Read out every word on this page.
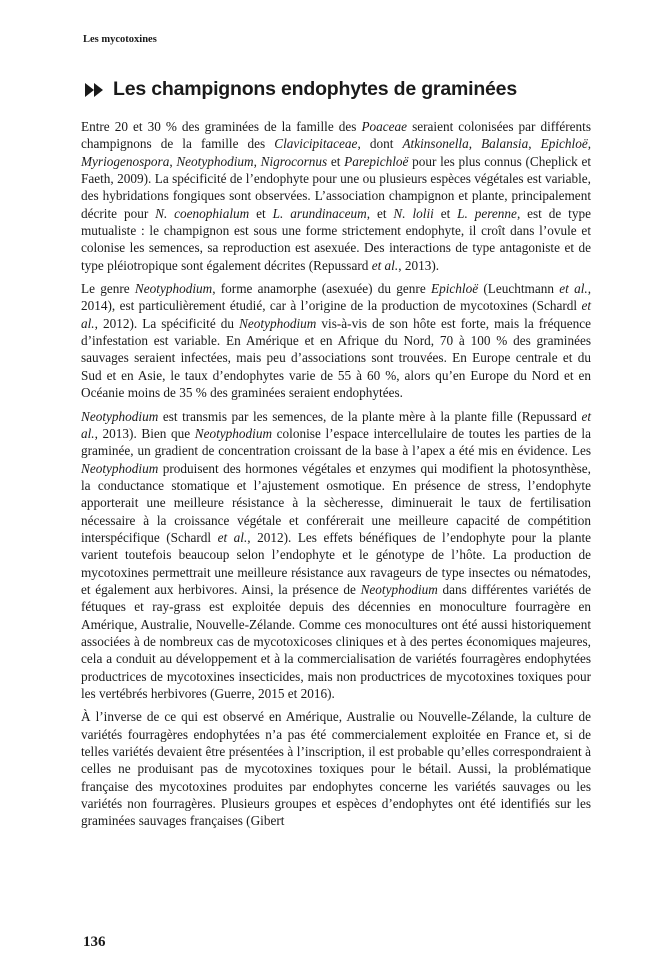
Les mycotoxines
Les champignons endophytes de graminées

Entre 20 et 30 % des graminées de la famille des Poaceae seraient colonisées par différents champignons de la famille des Clavicipitaceae, dont Atkinsonella, Balansia, Epichloë, Myriogenospora, Neotyphodium, Nigrocornus et Parepichloë pour les plus connus (Cheplick et Faeth, 2009). La spécificité de l’endophyte pour une ou plusieurs espèces végétales est variable, des hybridations fongiques sont observées. L’association champignon et plante, principalement décrite pour N. coenophialum et L. arundinaceum, et N. lolii et L. perenne, est de type mutualiste : le champignon est sous une forme strictement endophyte, il croît dans l’ovule et colonise les semences, sa reproduction est asexuée. Des interactions de type antagoniste et de type pléiotropique sont également décrites (Repussard et al., 2013).

Le genre Neotyphodium, forme anamorphe (asexuée) du genre Epichloë (Leuchtmann et al., 2014), est particulièrement étudié, car à l’origine de la production de mycotoxines (Schardl et al., 2012). La spécificité du Neotyphodium vis-à-vis de son hôte est forte, mais la fréquence d’infestation est variable. En Amérique et en Afrique du Nord, 70 à 100 % des graminées sauvages seraient infectées, mais peu d’associations sont trouvées. En Europe centrale et du Sud et en Asie, le taux d’endophytes varie de 55 à 60 %, alors qu’en Europe du Nord et en Océanie moins de 35 % des graminées seraient endophytées.

Neotyphodium est transmis par les semences, de la plante mère à la plante fille (Repussard et al., 2013). Bien que Neotyphodium colonise l’espace intercellulaire de toutes les parties de la graminée, un gradient de concentration croissant de la base à l’apex a été mis en évidence. Les Neotyphodium produisent des hormones végétales et enzymes qui modifient la photosynthèse, la conductance stomatique et l’ajustement osmotique. En présence de stress, l’endophyte apporterait une meilleure résistance à la sècheresse, diminuerait le taux de fertilisation nécessaire à la croissance végétale et conférerait une meilleure capacité de compétition interspécifique (Schardl et al., 2012). Les effets bénéfiques de l’endophyte pour la plante varient toutefois beaucoup selon l’endophyte et le génotype de l’hôte. La production de mycotoxines permettrait une meilleure résistance aux ravageurs de type insectes ou nématodes, et également aux herbivores. Ainsi, la présence de Neotyphodium dans différentes variétés de fétuques et ray-grass est exploitée depuis des décennies en monoculture fourragère en Amérique, Australie, Nouvelle-Zélande. Comme ces monocultures ont été aussi historiquement associées à de nombreux cas de mycotoxicoses cliniques et à des pertes économiques majeures, cela a conduit au développement et à la commercialisation de variétés fourragères endophytées productrices de mycotoxines insecticides, mais non productrices de mycotoxines toxiques pour les vertébrés herbivores (Guerre, 2015 et 2016).

À l’inverse de ce qui est observé en Amérique, Australie ou Nouvelle-Zélande, la culture de variétés fourragères endophytées n’a pas été commercialement exploitée en France et, si de telles variétés devaient être présentées à l’inscription, il est probable qu’elles correspondraient à celles ne produisant pas de mycotoxines toxiques pour le bétail. Aussi, la problématique française des mycotoxines produites par endophytes concerne les variétés sauvages ou les variétés non fourragères. Plusieurs groupes et espèces d’endophytes ont été identifiés sur les graminées sauvages françaises (Gibert

136
